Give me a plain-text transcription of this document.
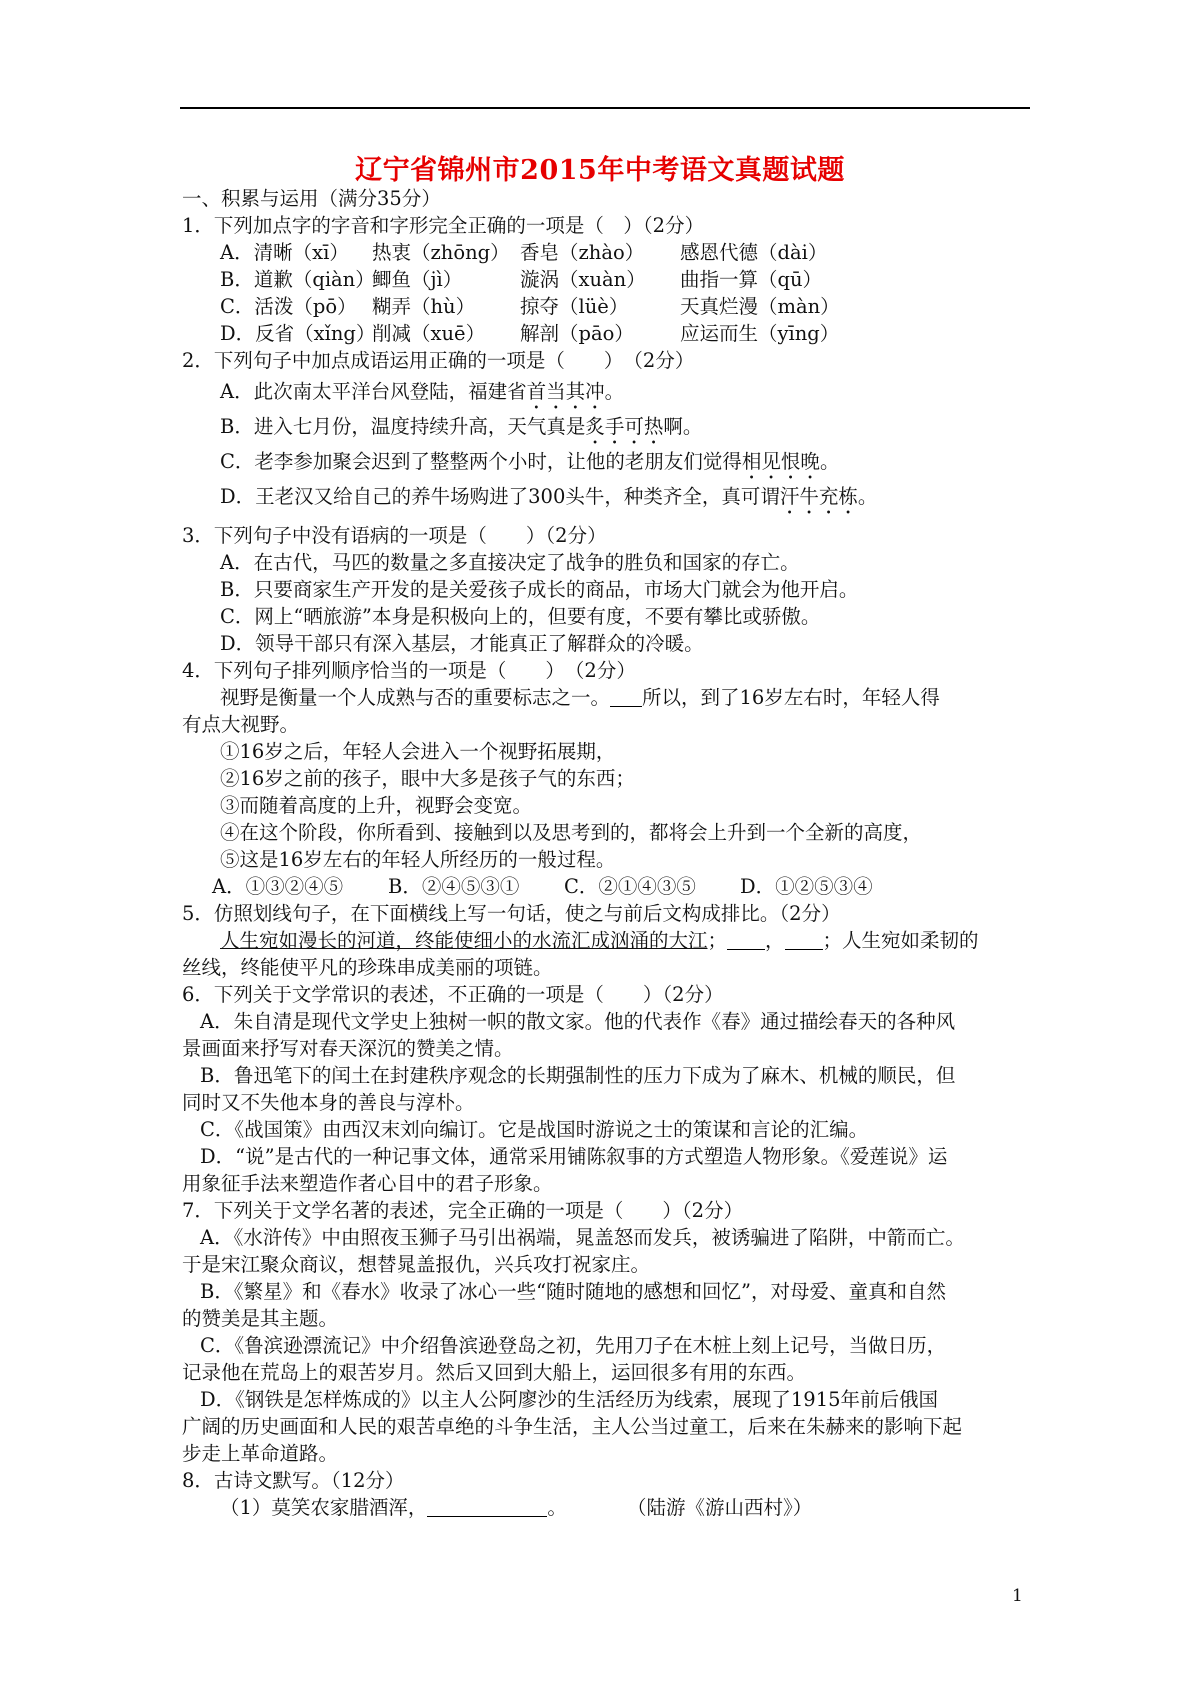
辽宁省锦州市2015年中考语文真题试题
一、积累与运用（满分35分）
1．下列加点字的字音和字形完全正确的一项是（　）（2分）
A．清晰（xī） 热衷（zhōng） 香皂（zhào） 感恩代德（dài）
B．道歉（qiàn）鲫鱼（jì）	漩涡（xuàn） 曲指一算（qū）
C．活泼（pō） 糊弄（hù） 掠夺（lüè）	天真烂漫（màn）
D．反省（xǐng）削减（xuē） 解剖（pāo） 应运而生（yīng）
2．下列句子中加点成语运用正确的一项是（　　）　（2分）
A．此次南太平洋台风登陆，福建省首当其冲。
B．进入七月份，温度持续升高，天气真是炙手可热啊。
C．老李参加聚会迟到了整整两个小时，让他的老朋友们觉得相见恨晚。
D．王老汉又给自己的养牛场购进了300头牛，种类齐全，真可谓汗牛充栋。
3．下列句子中没有语病的一项是（　　）（2分）
A．在古代，马匹的数量之多直接决定了战争的胜负和国家的存亡。
B．只要商家生产开发的是关爱孩子成长的商品，市场大门就会为他开启。
C．网上“晒旅游”本身是积极向上的，但要有度，不要有攀比或骄傲。
D．领导干部只有深入基层，才能真正了解群众的冷暖。
4．下列句子排列顺序恰当的一项是（　　）　（2分）
视野是衡量一个人成熟与否的重要标志之一。 所以，到了16岁左右时，年轻人得
有点大视野。
①16岁之后，年轻人会进入一个视野拓展期，
②16岁之前的孩子，眼中大多是孩子气的东西；
③而随着高度的上升，视野会变宽。
④在这个阶段，你所看到、接触到以及思考到的，都将会上升到一个全新的高度，
⑤这是16岁左右的年轻人所经历的一般过程。
A．①③②④⑤ B．②④⑤③① C．②①④③⑤ D．①②⑤③④
5．仿照划线句子，在下面横线上写一句话，使之与前后文构成排比。（2分）
人生宛如漫长的河道，终能使细小的水流汇成汹涌的大江； ， ；人生宛如柔韧的
丝线，终能使平凡的珍珠串成美丽的项链。
6．下列关于文学常识的表述，不正确的一项是（　　）（2分）
A．朱自清是现代文学史上独树一帜的散文家。他的代表作《春》通过描绘春天的各种风
景画面来抒写对春天深沉的赞美之情。
B．鲁迅笔下的闰土在封建秩序观念的长期强制性的压力下成为了麻木、机械的顺民，但
同时又不失他本身的善良与淳朴。
C．《战国策》由西汉末刘向编订。它是战国时游说之士的策谋和言论的汇编。
D．“说”是古代的一种记事文体，通常采用铺陈叙事的方式塑造人物形象。《爱莲说》运
用象征手法来塑造作者心目中的君子形象。
7．下列关于文学名著的表述，完全正确的一项是（　　）（2分）
A．《水浒传》中由照夜玉狮子马引出祸端，晁盖怒而发兵，被诱骗进了陷阱，中箭而亡。
于是宋江聚众商议，想替晁盖报仇，兴兵攻打祝家庄。
B．《繁星》和《春水》收录了冰心一些“随时随地的感想和回忆”，对母爱、童真和自然
的赞美是其主题。
C．《鲁滨逊漂流记》中介绍鲁滨逊登岛之初，先用刀子在木桩上刻上记号，当做日历，
记录他在荒岛上的艰苦岁月。然后又回到大船上，运回很多有用的东西。
D．《钢铁是怎样炼成的》以主人公阿廖沙的生活经历为线索，展现了1915年前后俄国
广阔的历史画面和人民的艰苦卓绝的斗争生活，主人公当过童工，后来在朱赫来的影响下起
步走上革命道路。
8．古诗文默写。（12分）
（1）莫笑农家腊酒浑，	。	（陆游《游山西村》）
1
